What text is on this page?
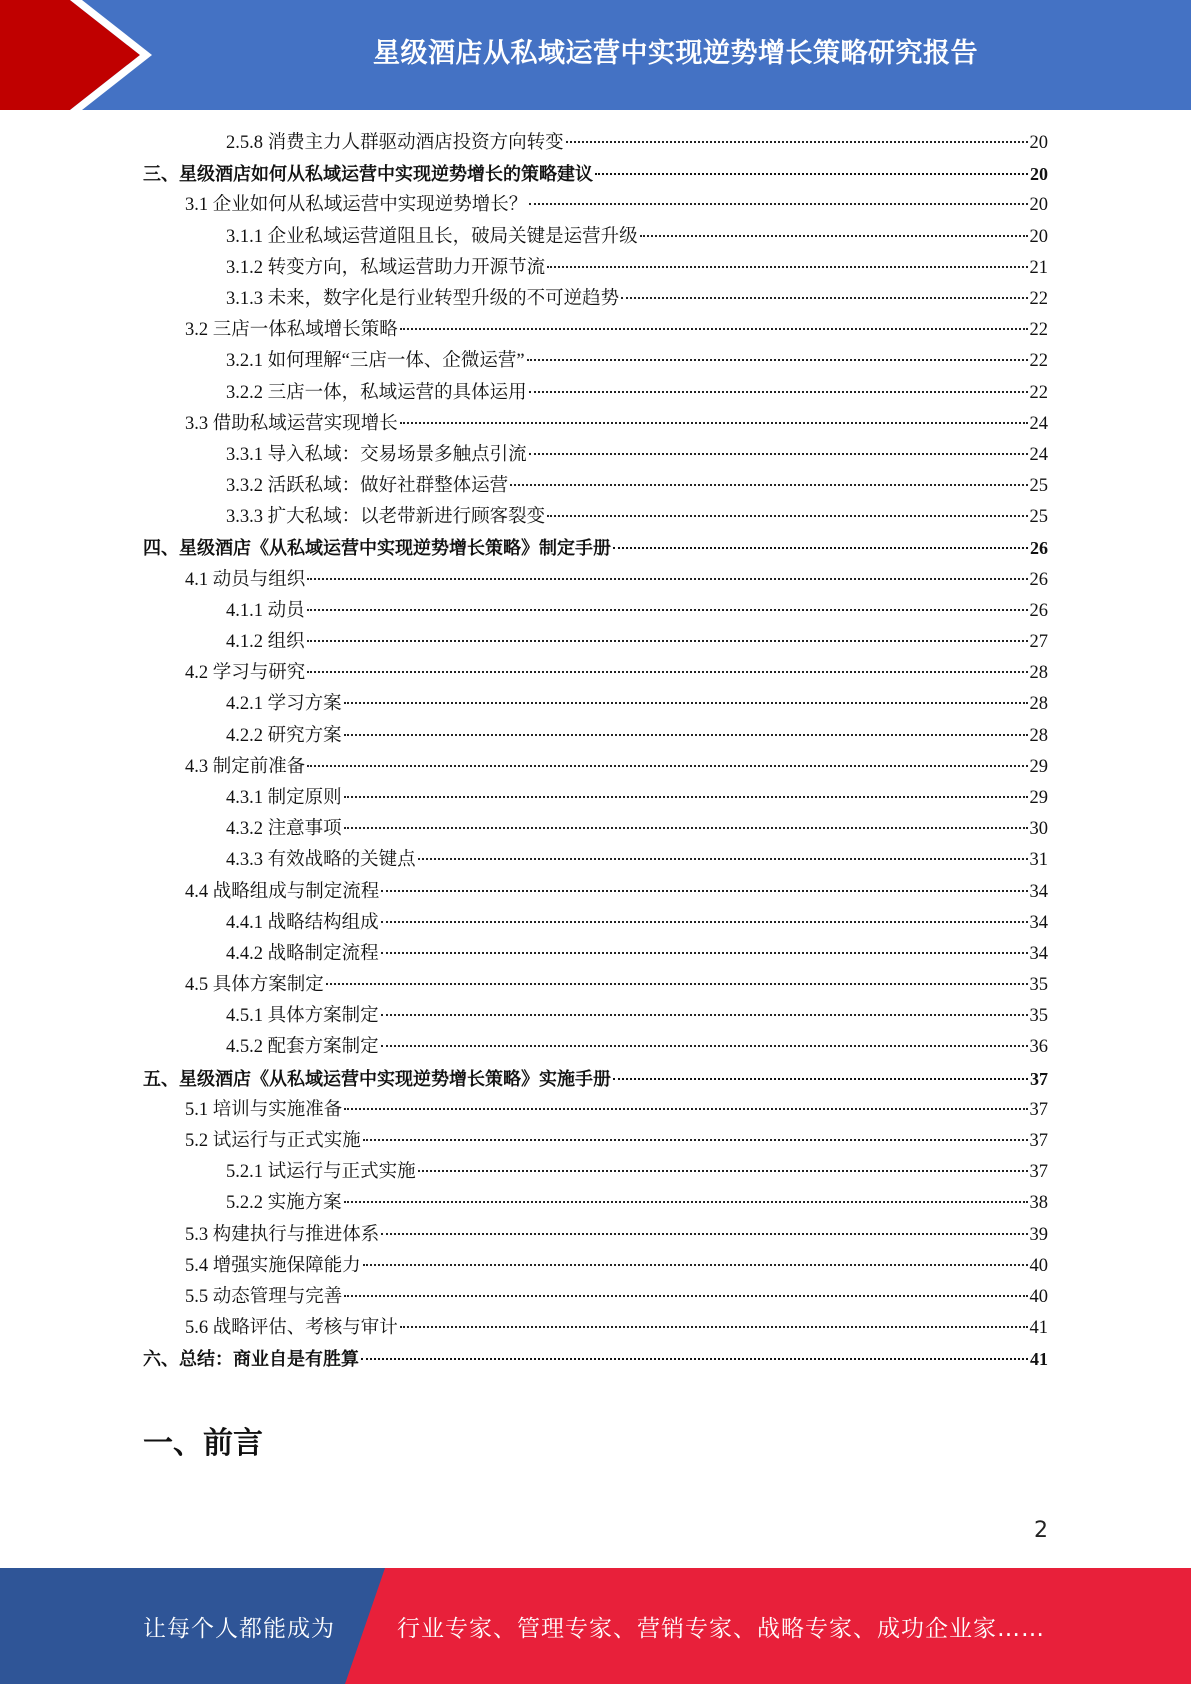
星级酒店从私域运营中实现逆势增长策略研究报告
2.5.8 消费主力人群驱动酒店投资方向转变	20
三、星级酒店如何从私域运营中实现逆势增长的策略建议	20
3.1 企业如何从私域运营中实现逆势增长？	20
3.1.1 企业私域运营道阻且长，破局关键是运营升级	20
3.1.2 转变方向，私域运营助力开源节流	21
3.1.3 未来，数字化是行业转型升级的不可逆趋势	22
3.2 三店一体私域增长策略	22
3.2.1 如何理解“三店一体、企微运营”	22
3.2.2 三店一体，私域运营的具体运用	22
3.3 借助私域运营实现增长	24
3.3.1 导入私域：交易场景多触点引流	24
3.3.2 活跃私域：做好社群整体运营	25
3.3.3 扩大私域：以老带新进行顾客裂变	25
四、星级酒店《从私域运营中实现逆势增长策略》制定手册	26
4.1 动员与组织	26
4.1.1 动员	26
4.1.2 组织	27
4.2 学习与研究	28
4.2.1 学习方案	28
4.2.2 研究方案	28
4.3 制定前准备	29
4.3.1 制定原则	29
4.3.2 注意事项	30
4.3.3 有效战略的关键点	31
4.4 战略组成与制定流程	34
4.4.1 战略结构组成	34
4.4.2 战略制定流程	34
4.5 具体方案制定	35
4.5.1 具体方案制定	35
4.5.2 配套方案制定	36
五、星级酒店《从私域运营中实现逆势增长策略》实施手册	37
5.1 培训与实施准备	37
5.2 试运行与正式实施	37
5.2.1 试运行与正式实施	37
5.2.2 实施方案	38
5.3 构建执行与推进体系	39
5.4 增强实施保障能力	40
5.5 动态管理与完善	40
5.6 战略评估、考核与审计	41
六、总结：商业自是有胜算	41
一、前言
2
让每个人都能成为	行业专家、管理专家、营销专家、战略专家、成功企业家……
